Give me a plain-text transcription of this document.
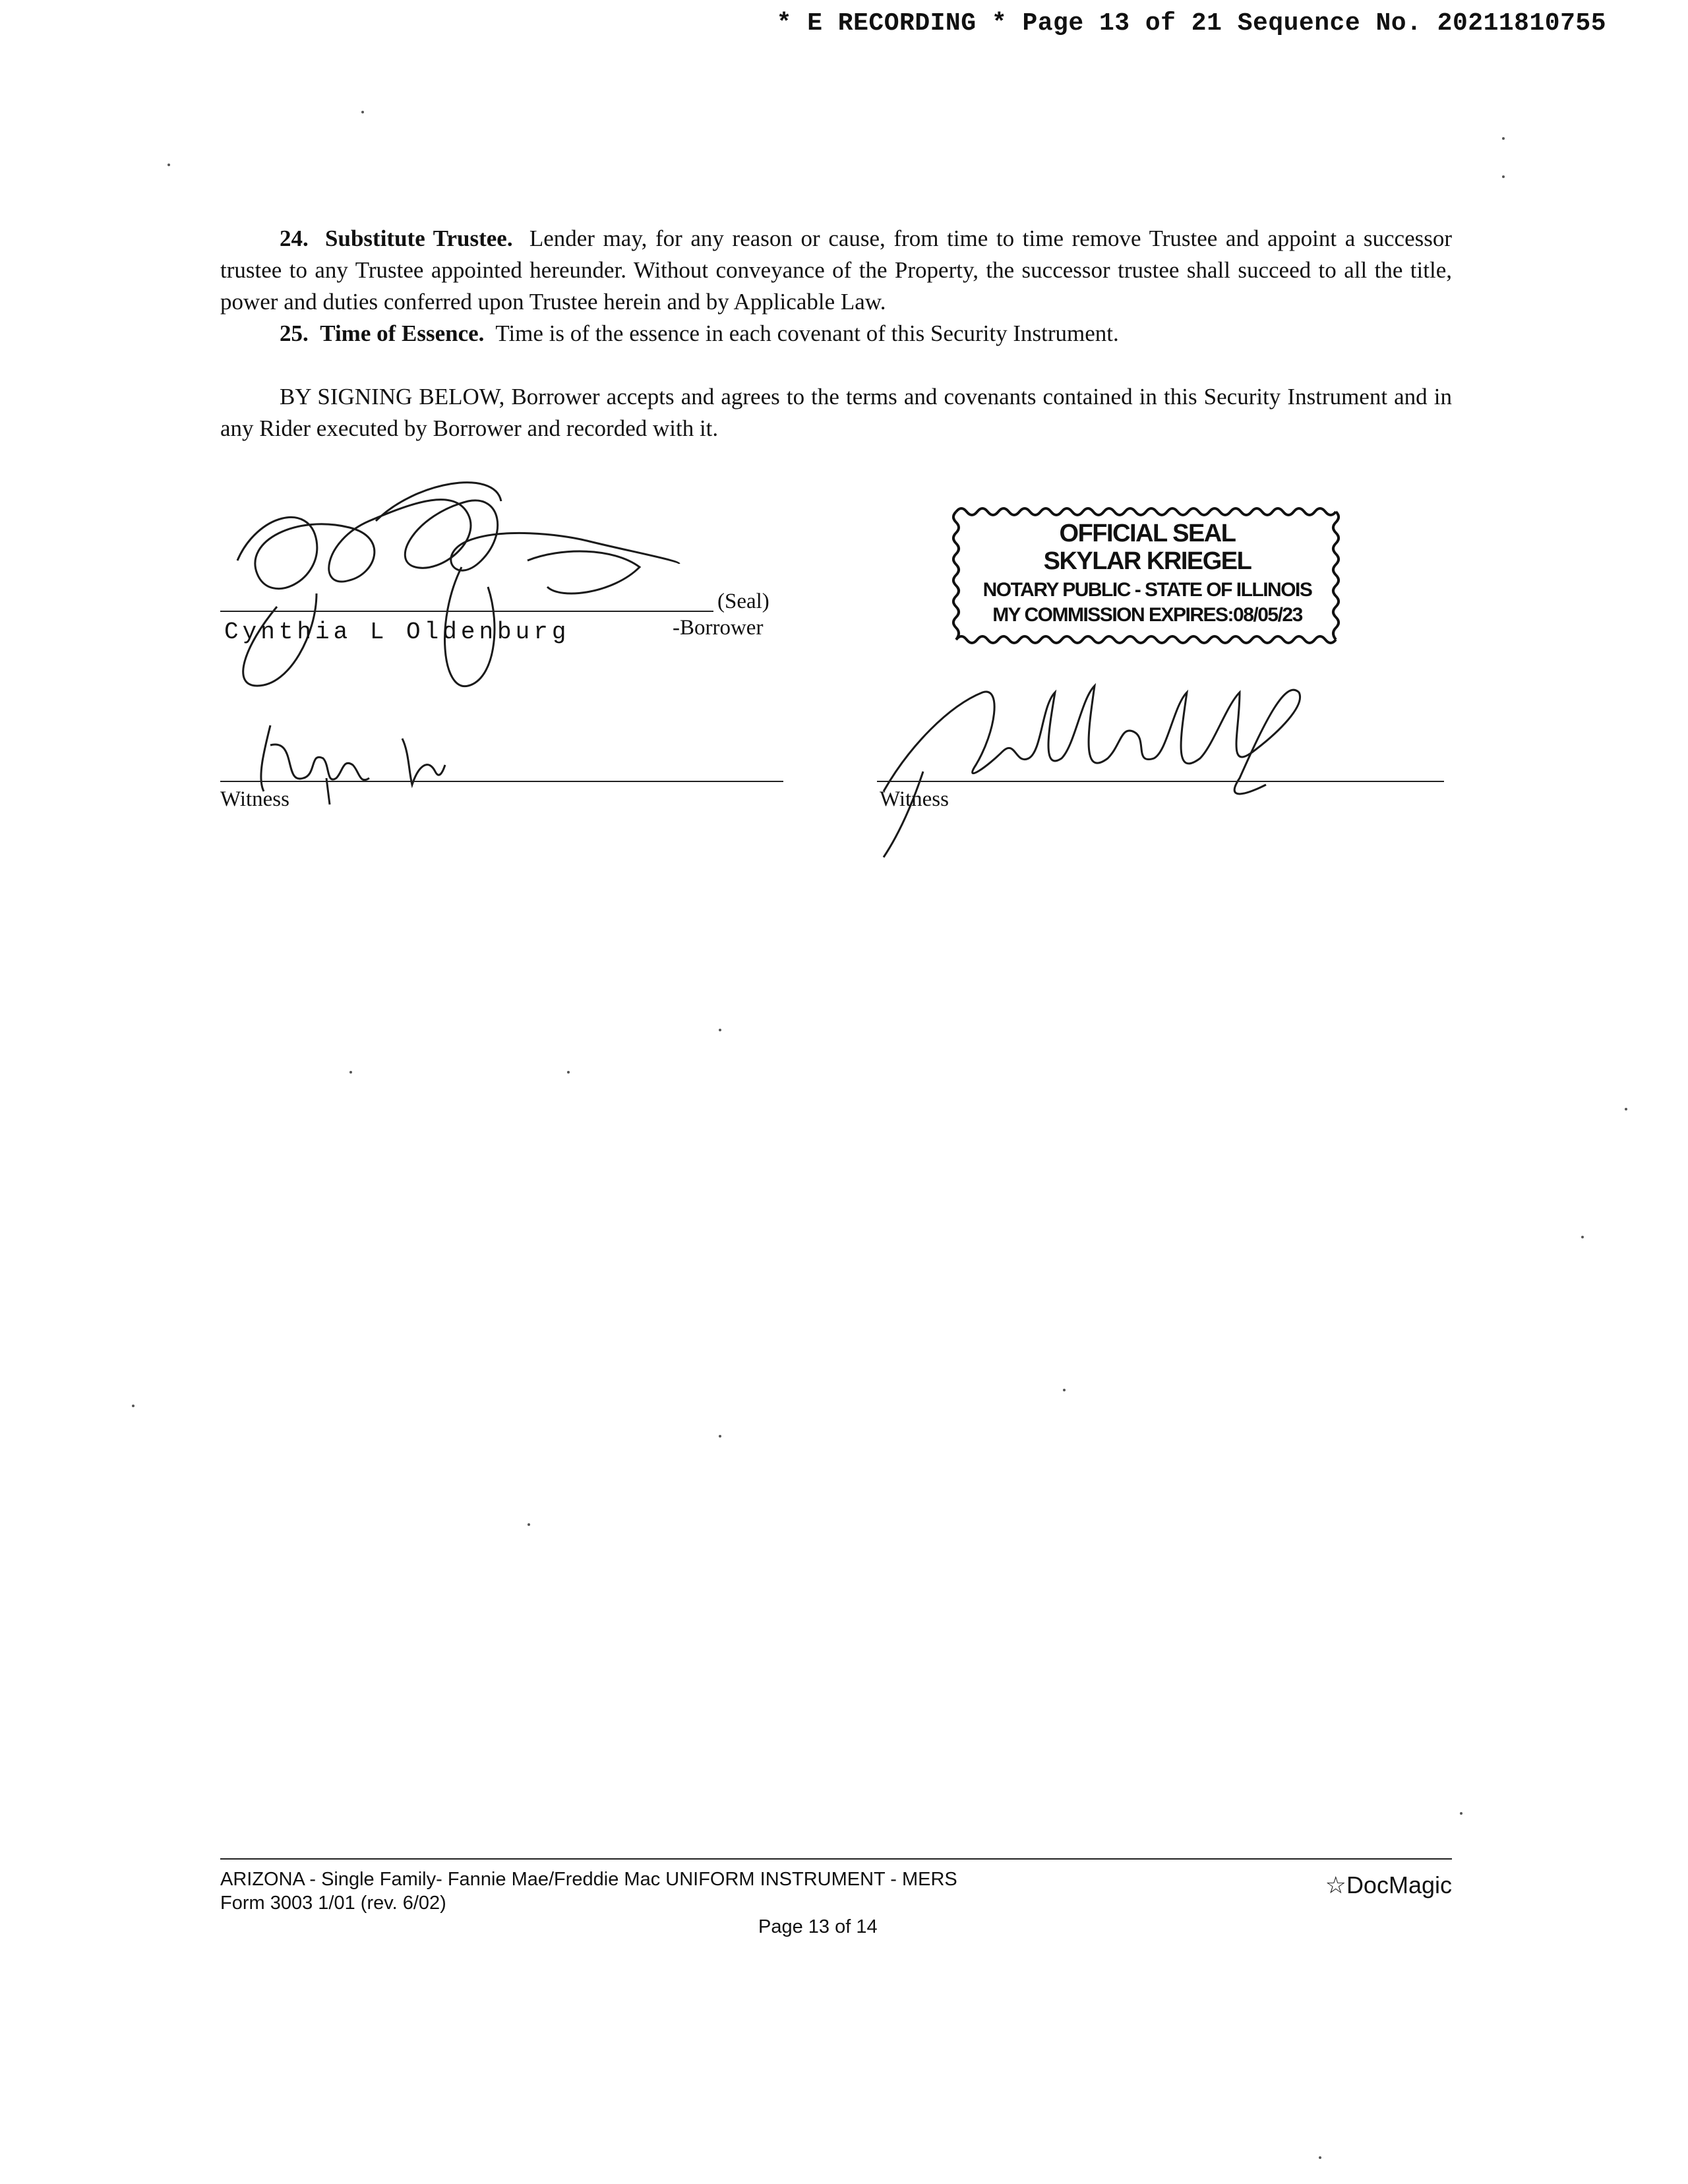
* E RECORDING * Page 13 of 21 Sequence No. 20211810755

24. Substitute Trustee. Lender may, for any reason or cause, from time to time remove Trustee and appoint a successor trustee to any Trustee appointed hereunder. Without conveyance of the Property, the successor trustee shall succeed to all the title, power and duties conferred upon Trustee herein and by Applicable Law.

25. Time of Essence. Time is of the essence in each covenant of this Security Instrument.

BY SIGNING BELOW, Borrower accepts and agrees to the terms and covenants contained in this Security Instrument and in any Rider executed by Borrower and recorded with it.

(Seal)
Cynthia L Oldenburg	-Borrower
Witness
OFFICIAL SEAL
SKYLAR KRIEGEL
NOTARY PUBLIC - STATE OF ILLINOIS
MY COMMISSION EXPIRES:08/05/23
Witness
ARIZONA - Single Family- Fannie Mae/Freddie Mac UNIFORM INSTRUMENT - MERS
Form 3003 1/01 (rev. 6/02)
Page 13 of 14
☆DocMagic
